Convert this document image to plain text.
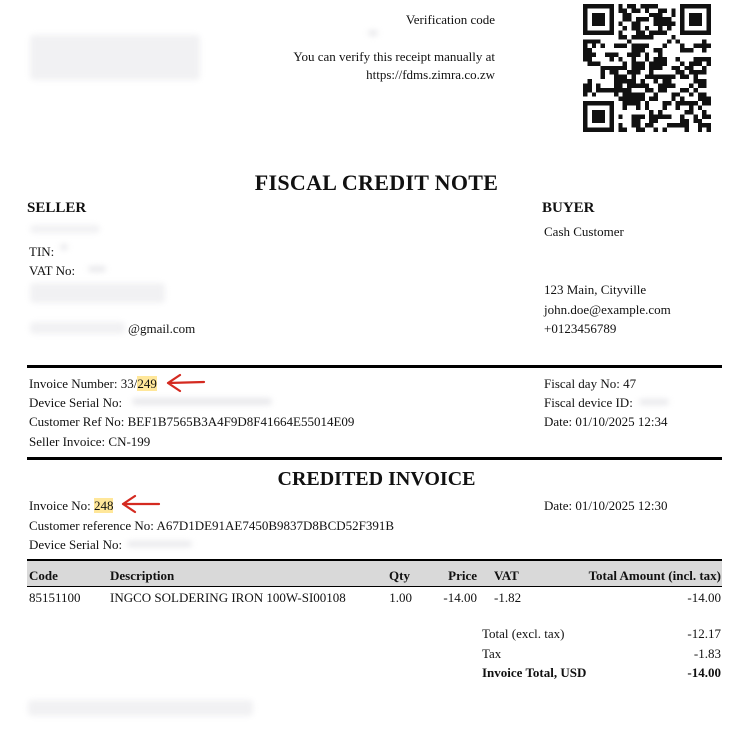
Verification code
You can verify this receipt manually at
https://fdms.zimra.co.zw
FISCAL CREDIT NOTE
SELLER
TIN:
VAT No:
@gmail.com
BUYER
Cash Customer
123 Main, Cityville
john.doe@example.com
+0123456789
Invoice Number: 33/249
Device Serial No:
Customer Ref No: BEF1B7565B3A4F9D8F41664E55014E09
Seller Invoice: CN-199
Fiscal day No: 47
Fiscal device ID:
Date: 01/10/2025 12:34
CREDITED INVOICE
Invoice No: 248
Customer reference No: A67D1DE91AE7450B9837D8BCD52F391B
Device Serial No:
Date: 01/10/2025 12:30
Code	Description	Qty	Price VAT	Total Amount (incl. tax)
85151100 INGCO SOLDERING IRON 100W-SI00108	1.00	-14.00 -1.82	-14.00
Total (excl. tax)	-12.17
Tax	-1.83
Invoice Total, USD	-14.00
